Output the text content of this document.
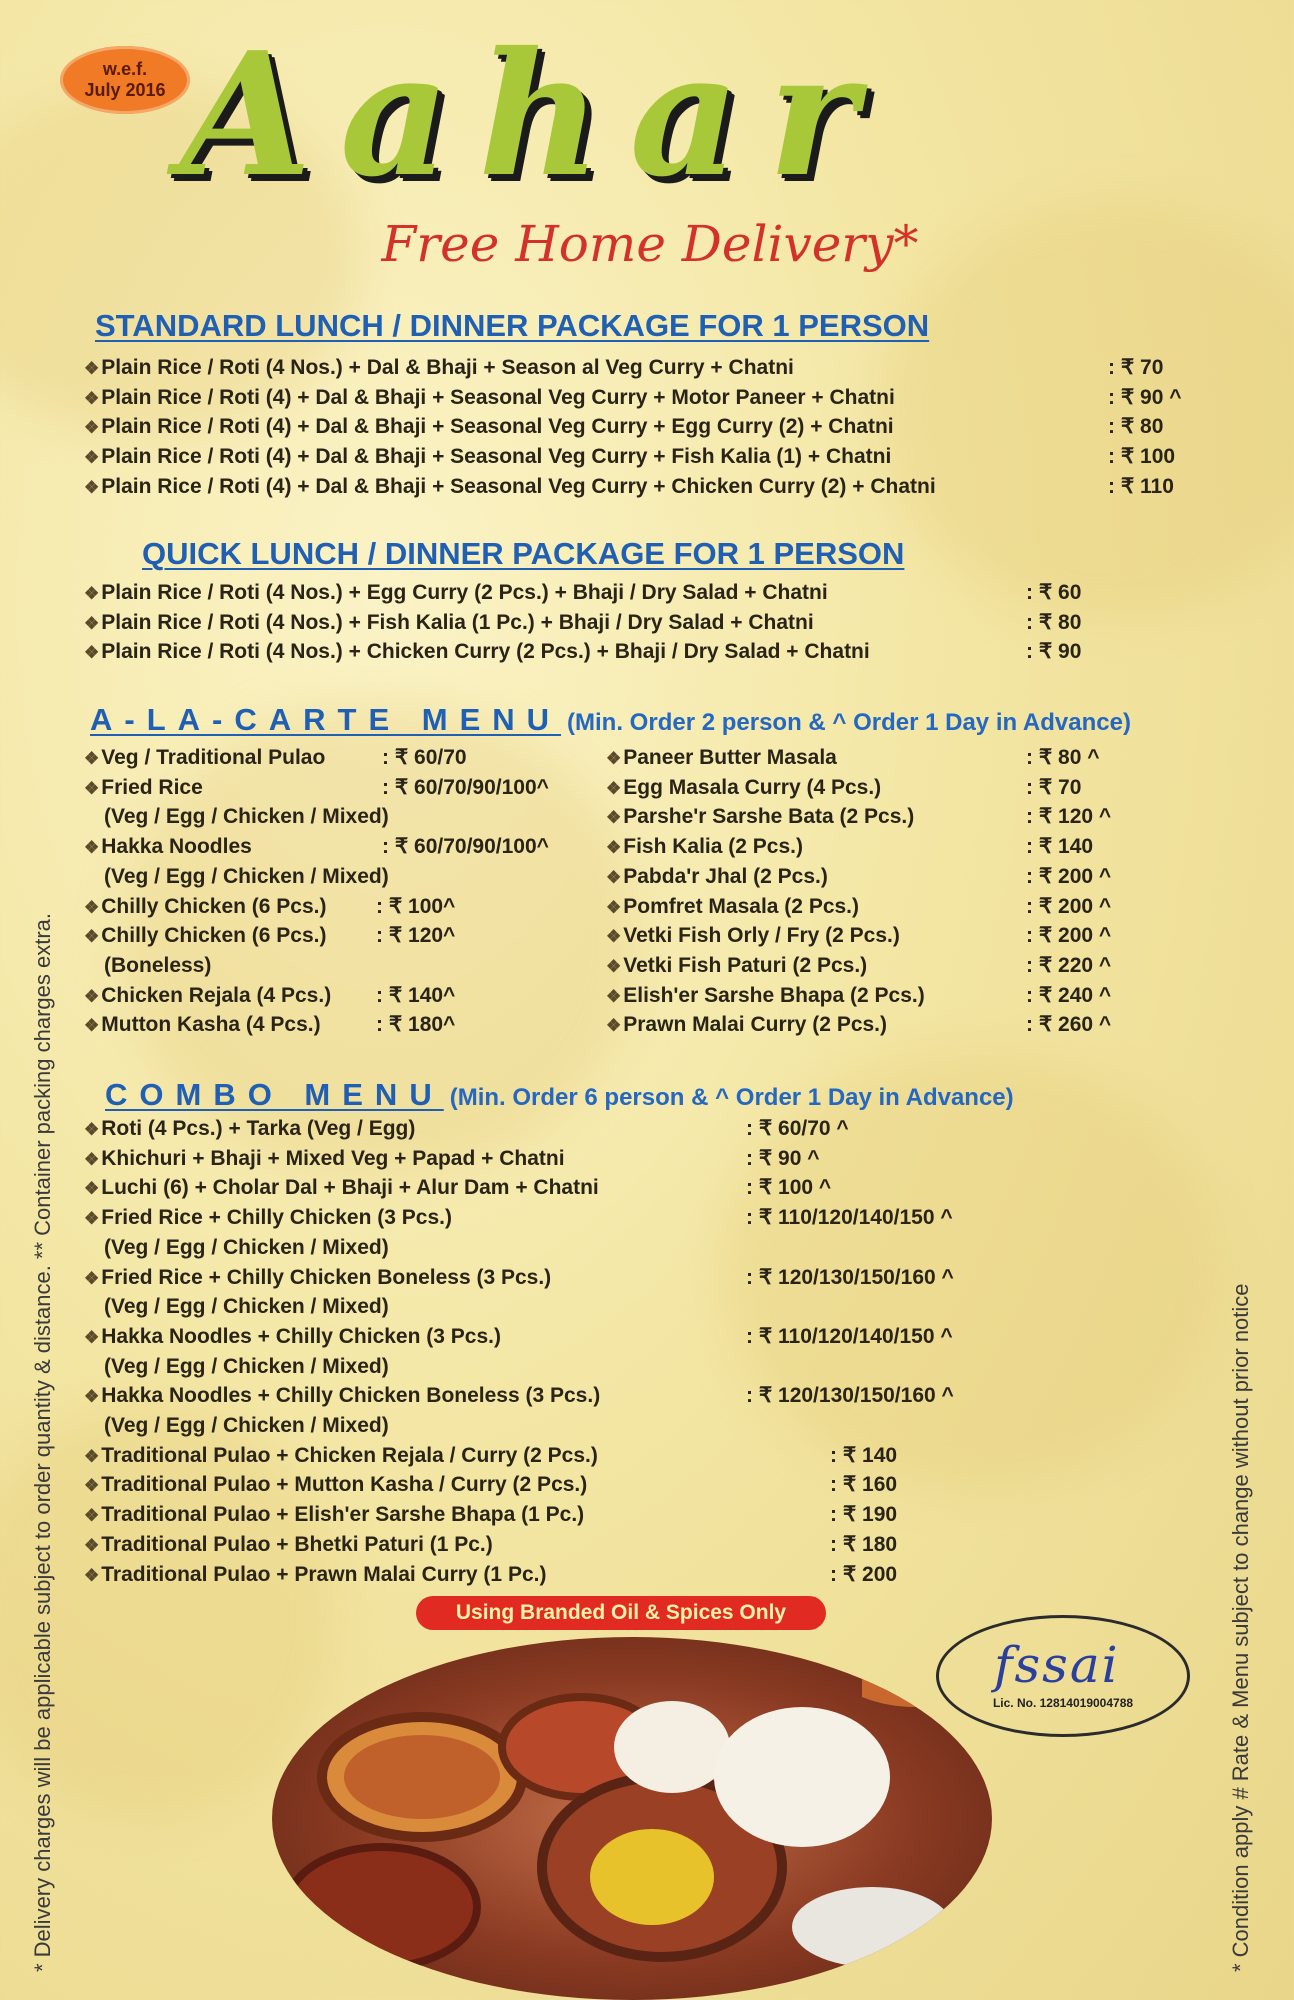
w.e.f.
July 2016 Aahar
Free Home Delivery*
STANDARD LUNCH / DINNER PACKAGE FOR 1 PERSON
QUICK LUNCH / DINNER PACKAGE FOR 1 PERSON
A-LA-CARTE MENU (Min. Order 2 person & ^ Order 1 Day in Advance)
COMBO MENU (Min. Order 6 person & ^ Order 1 Day in Advance)
❖Plain Rice / Roti (4 Nos.) + Dal & Bhaji + Season al Veg Curry + Chatni	: ₹ 70
❖Plain Rice / Roti (4) + Dal & Bhaji + Seasonal Veg Curry + Motor Paneer + Chatni	: ₹ 90 ^
❖Plain Rice / Roti (4) + Dal & Bhaji + Seasonal Veg Curry + Egg Curry (2) + Chatni	: ₹ 80
❖Plain Rice / Roti (4) + Dal & Bhaji + Seasonal Veg Curry + Fish Kalia (1) + Chatni	: ₹ 100
❖Plain Rice / Roti (4) + Dal & Bhaji + Seasonal Veg Curry + Chicken Curry (2) + Chatni	: ₹ 110
❖Plain Rice / Roti (4 Nos.) + Egg Curry (2 Pcs.) + Bhaji / Dry Salad + Chatni	: ₹ 60
❖Plain Rice / Roti (4 Nos.) + Fish Kalia (1 Pc.) + Bhaji / Dry Salad + Chatni	: ₹ 80
❖Plain Rice / Roti (4 Nos.) + Chicken Curry (2 Pcs.) + Bhaji / Dry Salad + Chatni	: ₹ 90
❖Veg / Traditional Pulao	: ₹ 60/70
❖Fried Rice	: ₹ 60/70/90/100^
(Veg / Egg / Chicken / Mixed)
❖Hakka Noodles	: ₹ 60/70/90/100^
(Veg / Egg / Chicken / Mixed)
❖Chilly Chicken (6 Pcs.) : ₹ 100^
❖Chilly Chicken (6 Pcs.) : ₹ 120^
(Boneless)
❖Chicken Rejala (4 Pcs.) : ₹ 140^
❖Mutton Kasha (4 Pcs.)	: ₹ 180^
❖Paneer Butter Masala	: ₹ 80 ^
❖Egg Masala Curry (4 Pcs.)	: ₹ 70
❖Parshe'r Sarshe Bata (2 Pcs.)	: ₹ 120 ^
❖Fish Kalia (2 Pcs.)	: ₹ 140
❖Pabda'r Jhal (2 Pcs.)	: ₹ 200 ^
❖Pomfret Masala (2 Pcs.)	: ₹ 200 ^
❖Vetki Fish Orly / Fry (2 Pcs.)	: ₹ 200 ^
❖Vetki Fish Paturi (2 Pcs.)	: ₹ 220 ^
❖Elish'er Sarshe Bhapa (2 Pcs.)	: ₹ 240 ^
❖Prawn Malai Curry (2 Pcs.)	: ₹ 260 ^
❖Roti (4 Pcs.) + Tarka (Veg / Egg)	: ₹ 60/70 ^
❖Khichuri + Bhaji + Mixed Veg + Papad + Chatni	: ₹ 90 ^
❖Luchi (6) + Cholar Dal + Bhaji + Alur Dam + Chatni	: ₹ 100 ^
❖Fried Rice + Chilly Chicken (3 Pcs.)	: ₹ 110/120/140/150 ^
(Veg / Egg / Chicken / Mixed)
❖Fried Rice + Chilly Chicken Boneless (3 Pcs.)	: ₹ 120/130/150/160 ^
(Veg / Egg / Chicken / Mixed)
❖Hakka Noodles + Chilly Chicken (3 Pcs.)	: ₹ 110/120/140/150 ^
(Veg / Egg / Chicken / Mixed)
❖Hakka Noodles + Chilly Chicken Boneless (3 Pcs.)	: ₹ 120/130/150/160 ^
(Veg / Egg / Chicken / Mixed)
❖Traditional Pulao + Chicken Rejala / Curry (2 Pcs.)	: ₹ 140
❖Traditional Pulao + Mutton Kasha / Curry (2 Pcs.)	: ₹ 160
❖Traditional Pulao + Elish'er Sarshe Bhapa (1 Pc.)	: ₹ 190
❖Traditional Pulao + Bhetki Paturi (1 Pc.)	: ₹ 180
❖Traditional Pulao + Prawn Malai Curry (1 Pc.)	: ₹ 200
Using Branded Oil & Spices Only
fssai
Lic. No. 12814019004788
* Delivery charges will be applicable subject to order quantity & distance. ** Container packing charges extra.	* Condition apply # Rate & Menu subject to change without prior notice
